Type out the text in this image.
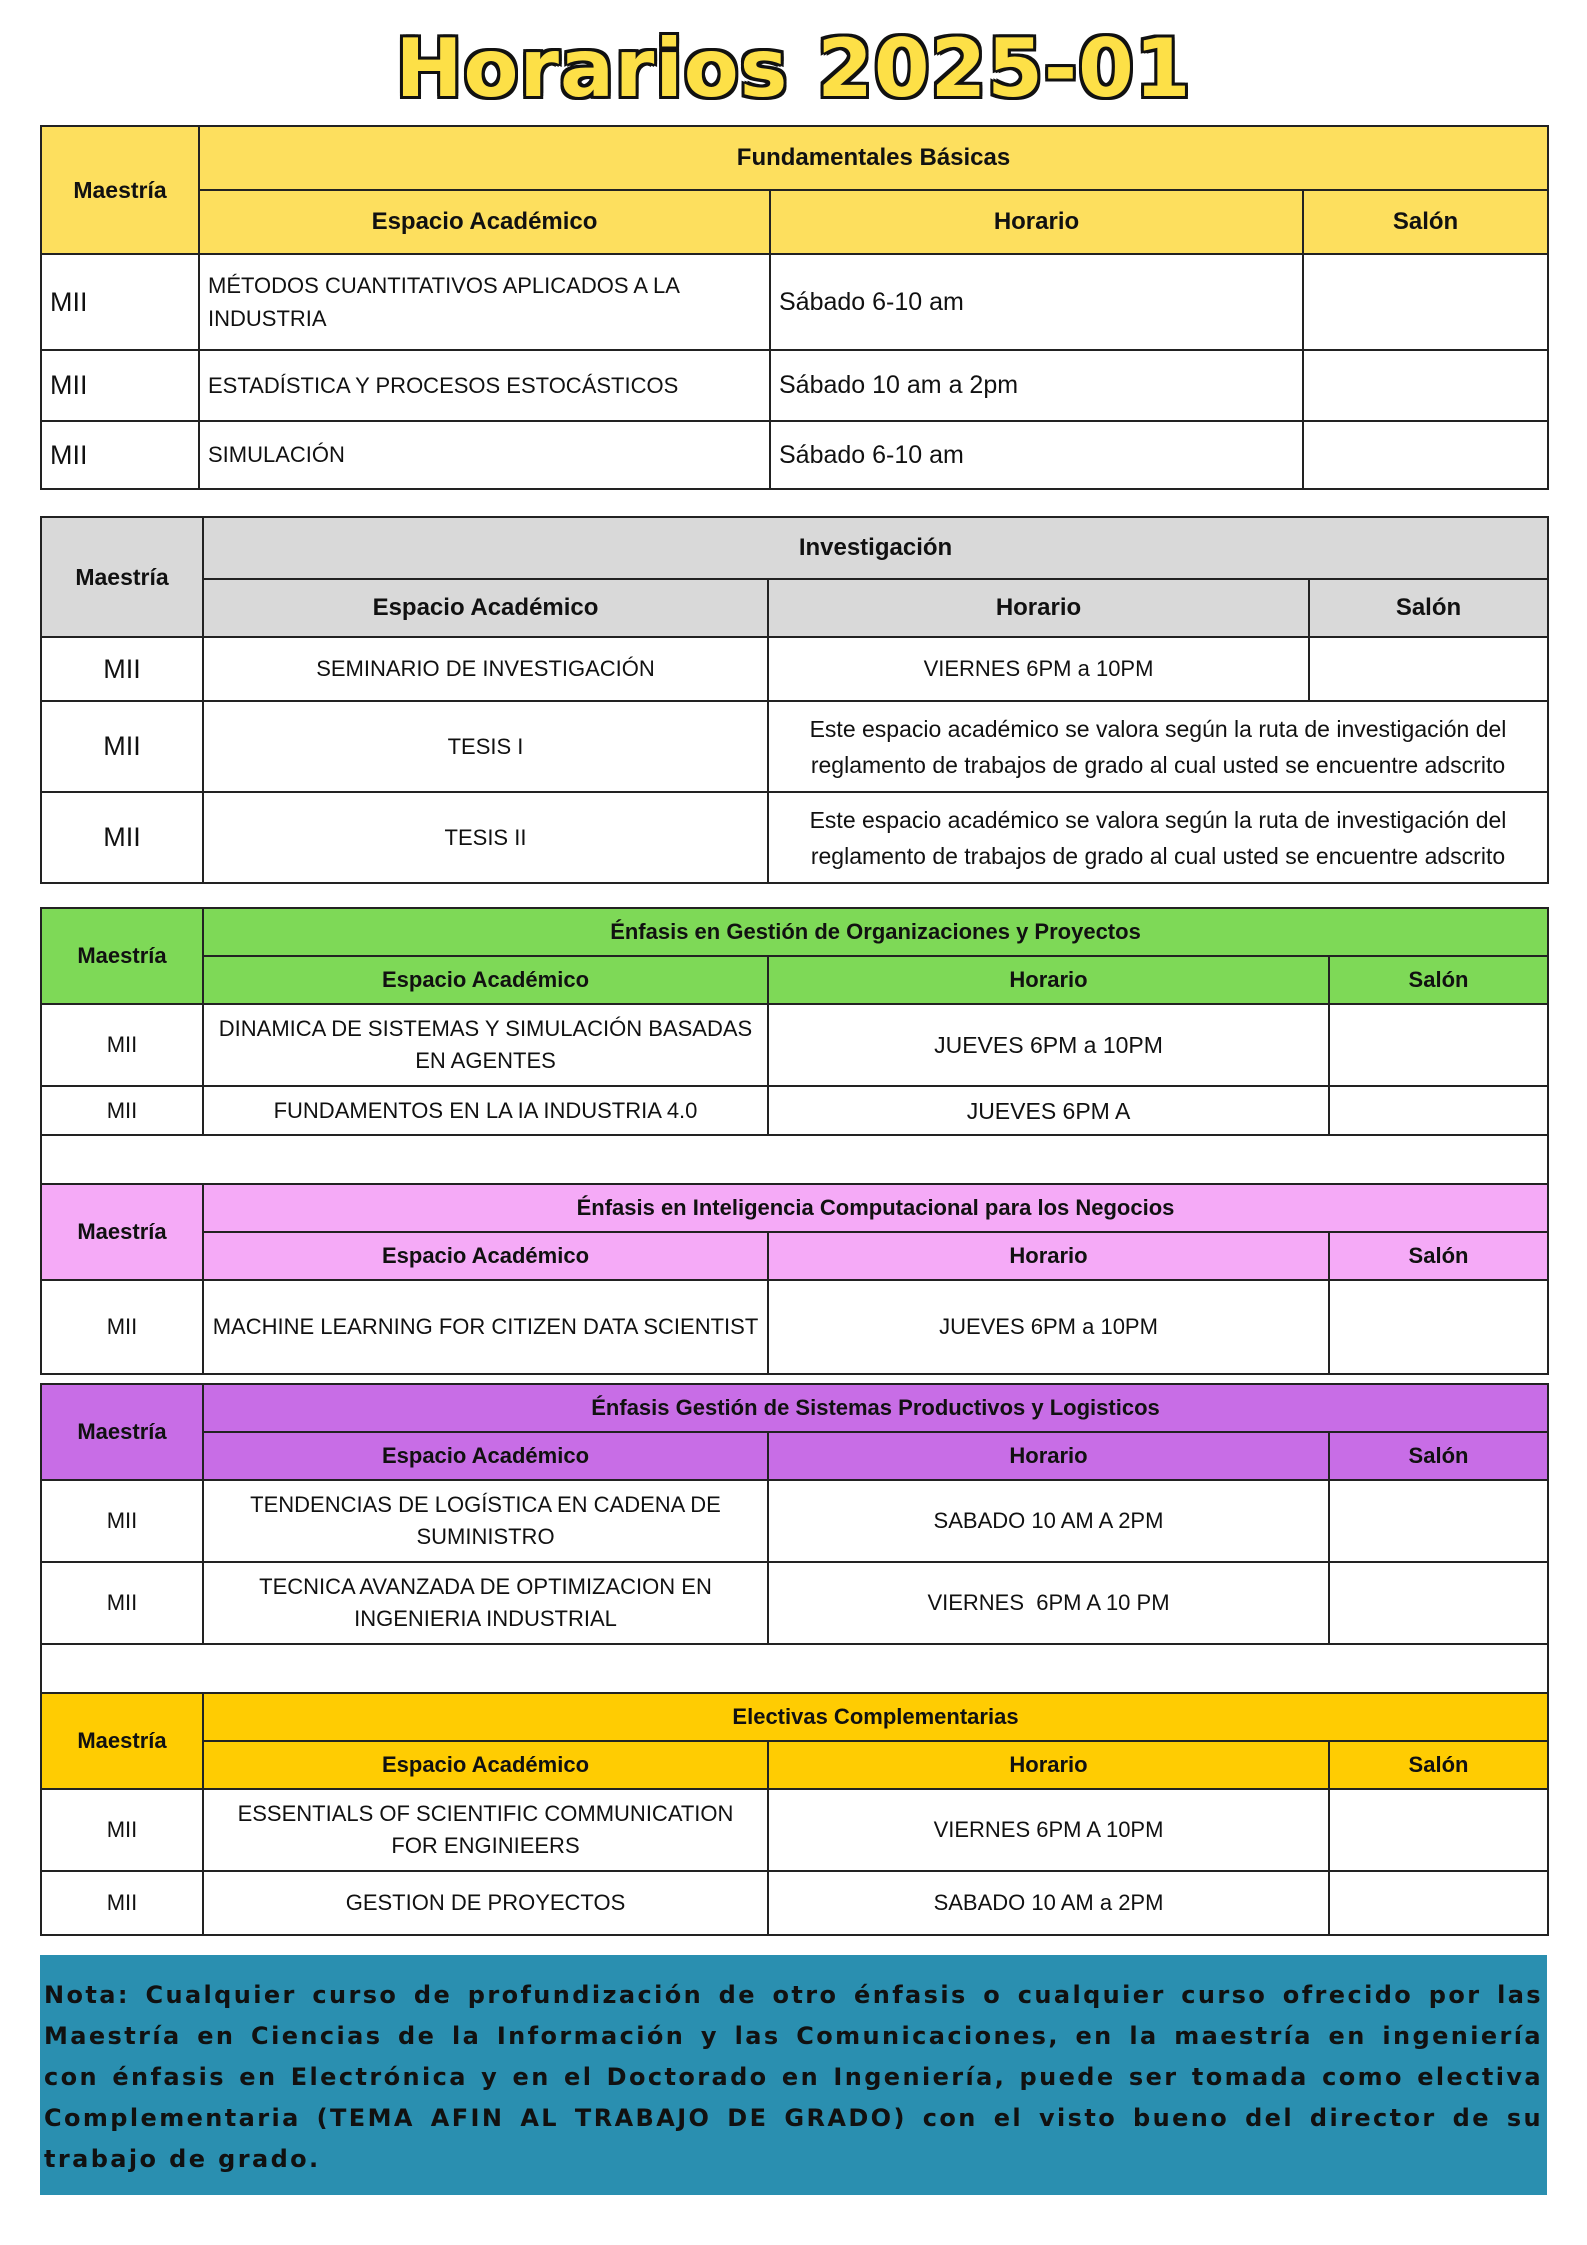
Horarios 2025-01
Maestría	Fundamentales Básicas		
	Espacio Académico	Horario	Salón
MII	MÉTODOS CUANTITATIVOS APLICADOS A LA INDUSTRIA	Sábado 6-10 am	
MII	ESTADÍSTICA Y PROCESOS ESTOCÁSTICOS	Sábado 10 am a 2pm	
MII	SIMULACIÓN	Sábado 6-10 am	
Maestría	Investigación		
	Espacio Académico	Horario	Salón
MII	SEMINARIO DE INVESTIGACIÓN	VIERNES 6PM a 10PM	
MII	TESIS I	Este espacio académico se valora según la ruta de investigación del reglamento de trabajos de grado al cual usted se encuentre adscrito	
MII	TESIS II	Este espacio académico se valora según la ruta de investigación del reglamento de trabajos de grado al cual usted se encuentre adscrito	
Maestría	Énfasis en Gestión de Organizaciones y Proyectos		
	Espacio Académico	Horario	Salón
MII	DINAMICA DE SISTEMAS Y SIMULACIÓN BASADAS EN AGENTES	JUEVES 6PM a 10PM	
MII	FUNDAMENTOS EN LA IA INDUSTRIA 4.0	JUEVES 6PM A	

Maestría	Énfasis en Inteligencia Computacional para los Negocios		
	Espacio Académico	Horario	Salón
MII	MACHINE LEARNING FOR CITIZEN DATA SCIENTIST	JUEVES 6PM a 10PM	

Maestría	Énfasis Gestión de Sistemas Productivos y Logisticos		
	Espacio Académico	Horario	Salón
MII	TENDENCIAS DE LOGÍSTICA EN CADENA DE SUMINISTRO	SABADO 10 AM A 2PM	
MII	TECNICA AVANZADA DE OPTIMIZACION EN INGENIERIA INDUSTRIAL	VIERNES  6PM A 10 PM	

Maestría	Electivas Complementarias		
	Espacio Académico	Horario	Salón
MII	ESSENTIALS OF SCIENTIFIC COMMUNICATION FOR ENGINIEERS	VIERNES 6PM A 10PM	
MII	GESTION DE PROYECTOS	SABADO 10 AM a 2PM	
Nota: Cualquier curso de profundización de otro énfasis o cualquier curso ofrecido por las Maestría en Ciencias de la Información y las Comunicaciones, en la maestría en ingeniería con énfasis en Electrónica y en el Doctorado en Ingeniería, puede ser tomada como electiva Complementaria (TEMA AFIN AL TRABAJO DE GRADO) con el visto bueno del director de su trabajo de grado.
